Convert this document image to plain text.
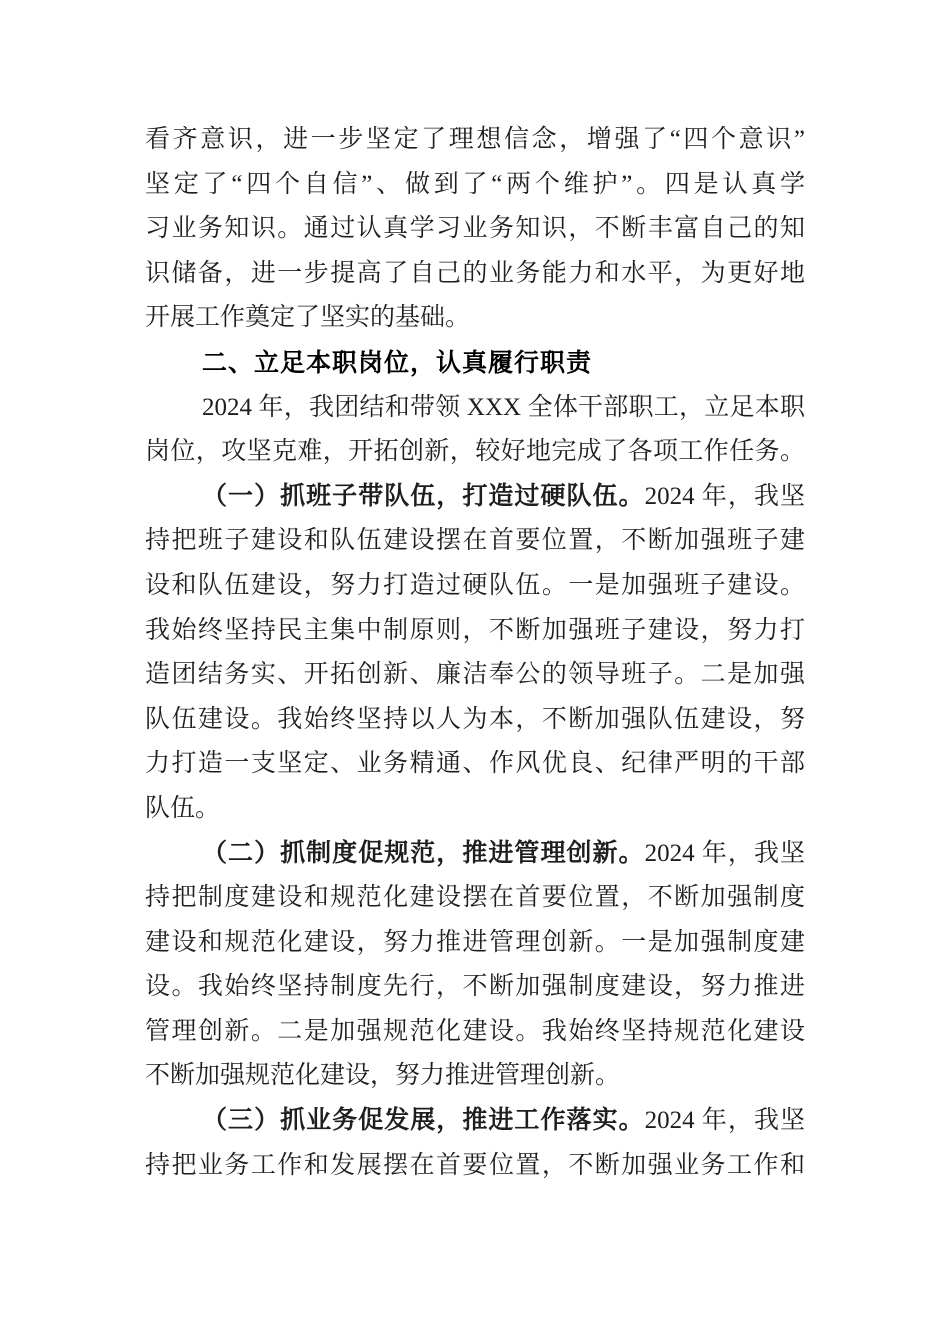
看齐意识，进一步坚定了理想信念，增强了“四个意识”
坚定了“四个自信”、做到了“两个维护”。四是认真学
习业务知识。通过认真学习业务知识，不断丰富自己的知
识储备，进一步提高了自己的业务能力和水平，为更好地
开展工作奠定了坚实的基础。
二、立足本职岗位，认真履行职责
2024 年，我团结和带领 XXX 全体干部职工，立足本职
岗位，攻坚克难，开拓创新，较好地完成了各项工作任务。
（一）抓班子带队伍，打造过硬队伍。2024 年，我坚
持把班子建设和队伍建设摆在首要位置，不断加强班子建
设和队伍建设，努力打造过硬队伍。一是加强班子建设。
我始终坚持民主集中制原则，不断加强班子建设，努力打
造团结务实、开拓创新、廉洁奉公的领导班子。二是加强
队伍建设。我始终坚持以人为本，不断加强队伍建设，努
力打造一支坚定、业务精通、作风优良、纪律严明的干部
队伍。
（二）抓制度促规范，推进管理创新。2024 年，我坚
持把制度建设和规范化建设摆在首要位置，不断加强制度
建设和规范化建设，努力推进管理创新。一是加强制度建
设。我始终坚持制度先行，不断加强制度建设，努力推进
管理创新。二是加强规范化建设。我始终坚持规范化建设
不断加强规范化建设，努力推进管理创新。
（三）抓业务促发展，推进工作落实。2024 年，我坚
持把业务工作和发展摆在首要位置，不断加强业务工作和
